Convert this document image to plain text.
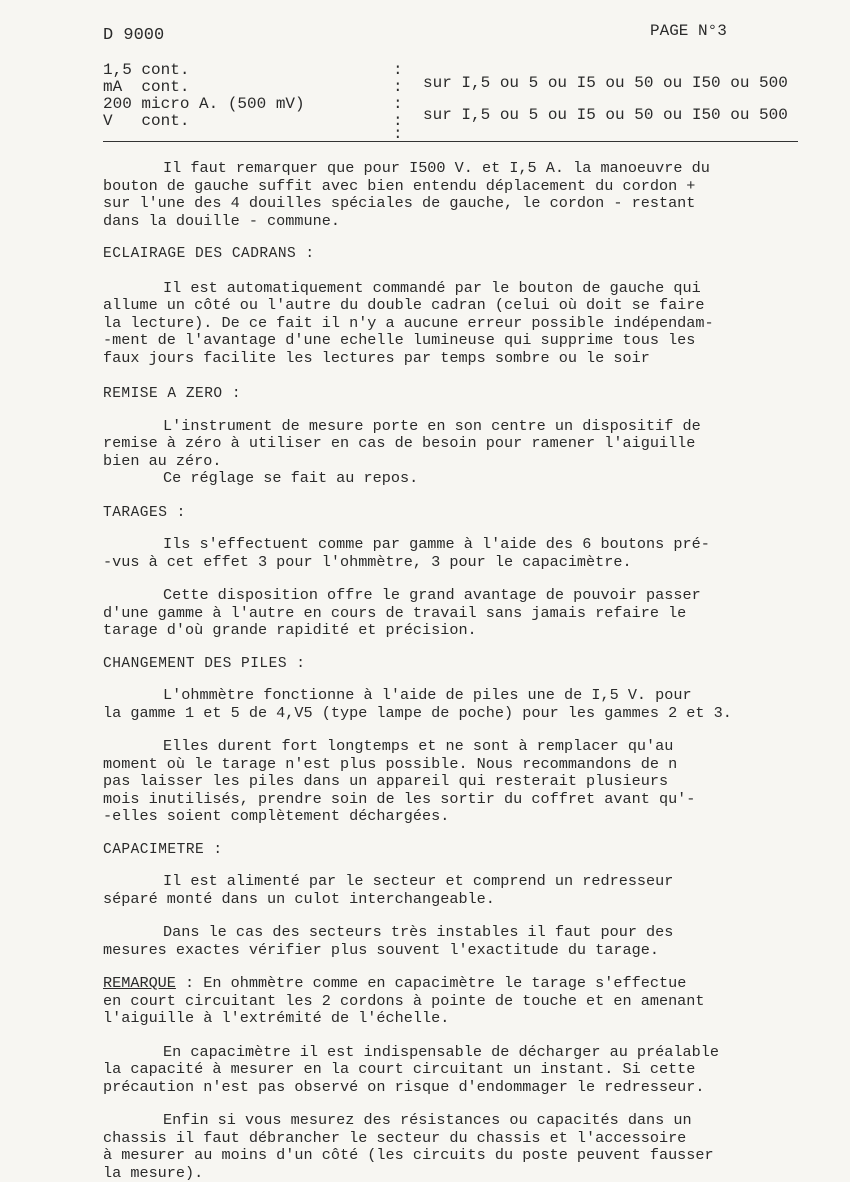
D 9000	PAGE N°3
1,5 cont.
mA  cont.
200 micro A. (500 mV)
V   cont.
:
:
:
:
:
sur I,5 ou 5 ou I5 ou 50 ou I50 ou 500
sur I,5 ou 5 ou I5 ou 50 ou I50 ou 500

Il faut remarquer que pour I500 V. et I,5 A. la manoeuvre du

bouton de gauche suffit avec bien entendu déplacement du cordon +

sur l'une des 4 douilles spéciales de gauche, le cordon - restant

dans la douille - commune.

ECLAIRAGE DES CADRANS :

Il est automatiquement commandé par le bouton de gauche qui

allume un côté ou l'autre du double cadran (celui où doit se faire

la lecture). De ce fait il n'y a aucune erreur possible indépendam-

-ment de l'avantage d'une echelle lumineuse qui supprime tous les

faux jours facilite les lectures par temps sombre ou le soir

REMISE A ZERO :

L'instrument de mesure porte en son centre un dispositif de

remise à zéro à utiliser en cas de besoin pour ramener l'aiguille

bien au zéro.

Ce réglage se fait au repos.

TARAGES :

Ils s'effectuent comme par gamme à l'aide des 6 boutons pré-

-vus à cet effet 3 pour l'ohmmètre, 3 pour le capacimètre.

Cette disposition offre le grand avantage de pouvoir passer

d'une gamme à l'autre en cours de travail sans jamais refaire le

tarage d'où grande rapidité et précision.

CHANGEMENT DES PILES :

L'ohmmètre fonctionne à l'aide de piles une de I,5 V. pour

la gamme 1 et 5 de 4,V5 (type lampe de poche) pour les gammes 2 et 3.

Elles durent fort longtemps et ne sont à remplacer qu'au

moment où le tarage n'est plus possible. Nous recommandons de n

pas laisser les piles dans un appareil qui resterait plusieurs

mois inutilisés, prendre soin de les sortir du coffret avant qu'-

-elles soient complètement déchargées.

CAPACIMETRE :

Il est alimenté par le secteur et comprend un redresseur

séparé monté dans un culot interchangeable.

Dans le cas des secteurs très instables il faut pour des

mesures exactes vérifier plus souvent l'exactitude du tarage.

REMARQUE : En ohmmètre comme en capacimètre le tarage s'effectue

en court circuitant les 2 cordons à pointe de touche et en amenant

l'aiguille à l'extrémité de l'échelle.

En capacimètre il est indispensable de décharger au préalable

la capacité à mesurer en la court circuitant un instant. Si cette

précaution n'est pas observé on risque d'endommager le redresseur.

Enfin si vous mesurez des résistances ou capacités dans un

chassis il faut débrancher le secteur du chassis et l'accessoire

à mesurer au moins d'un côté (les circuits du poste peuvent fausser

la mesure).
